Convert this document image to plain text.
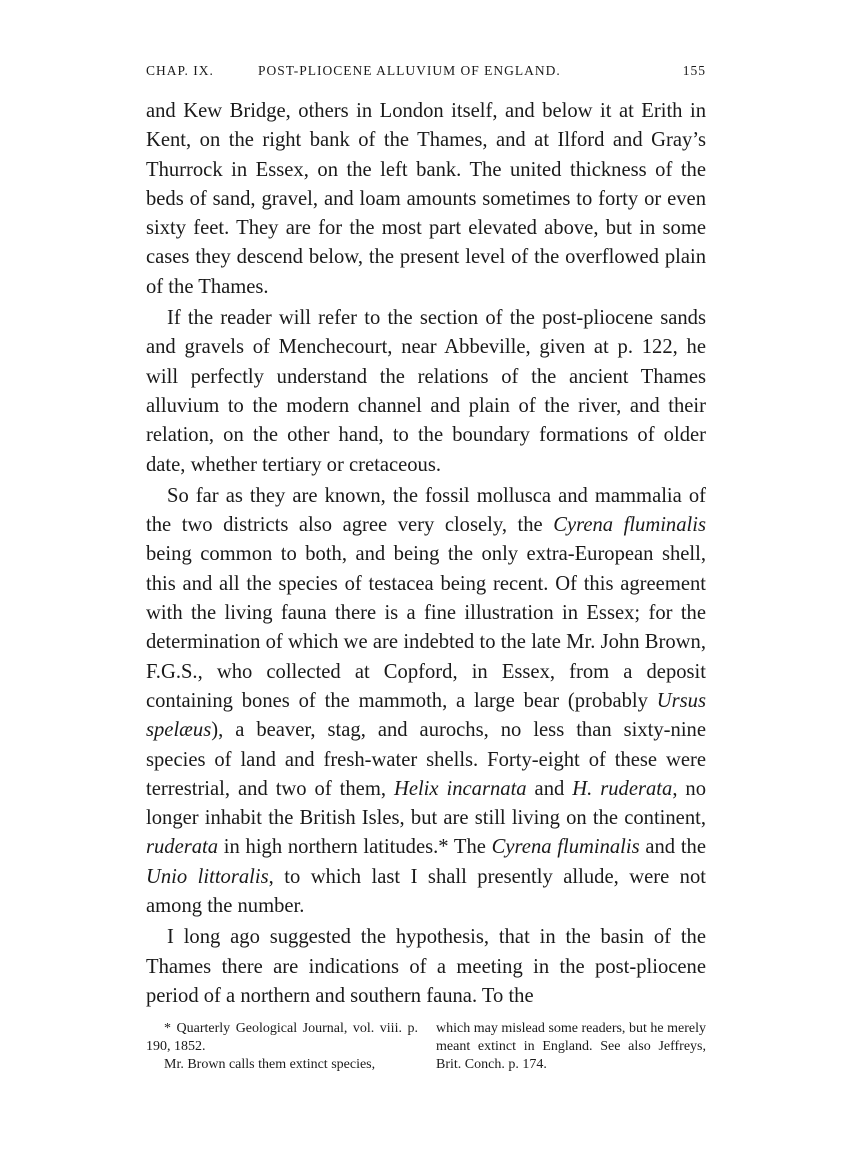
CHAP. IX.	POST-PLIOCENE ALLUVIUM OF ENGLAND.	155

and Kew Bridge, others in London itself, and below it at Erith in Kent, on the right bank of the Thames, and at Ilford and Gray’s Thurrock in Essex, on the left bank. The united thickness of the beds of sand, gravel, and loam amounts sometimes to forty or even sixty feet. They are for the most part elevated above, but in some cases they descend below, the present level of the overflowed plain of the Thames.

If the reader will refer to the section of the post-pliocene sands and gravels of Menchecourt, near Abbeville, given at p. 122, he will perfectly understand the relations of the ancient Thames alluvium to the modern channel and plain of the river, and their relation, on the other hand, to the boundary formations of older date, whether tertiary or cretaceous.

So far as they are known, the fossil mollusca and mammalia of the two districts also agree very closely, the Cyrena fluminalis being common to both, and being the only extra-European shell, this and all the species of testacea being recent. Of this agreement with the living fauna there is a fine illustration in Essex; for the determination of which we are indebted to the late Mr. John Brown, F.G.S., who collected at Copford, in Essex, from a deposit containing bones of the mammoth, a large bear (probably Ursus spelæus), a beaver, stag, and aurochs, no less than sixty-nine species of land and fresh-water shells. Forty-eight of these were terrestrial, and two of them, Helix incarnata and H. ruderata, no longer inhabit the British Isles, but are still living on the continent, ruderata in high northern latitudes.* The Cyrena fluminalis and the Unio littoralis, to which last I shall presently allude, were not among the number.

I long ago suggested the hypothesis, that in the basin of the Thames there are indications of a meeting in the post-pliocene period of a northern and southern fauna. To the

* Quarterly Geological Journal, vol. viii. p. 190, 1852.
Mr. Brown calls them extinct species,
which may mislead some readers, but he merely meant extinct in England. See also Jeffreys, Brit. Conch. p. 174.
